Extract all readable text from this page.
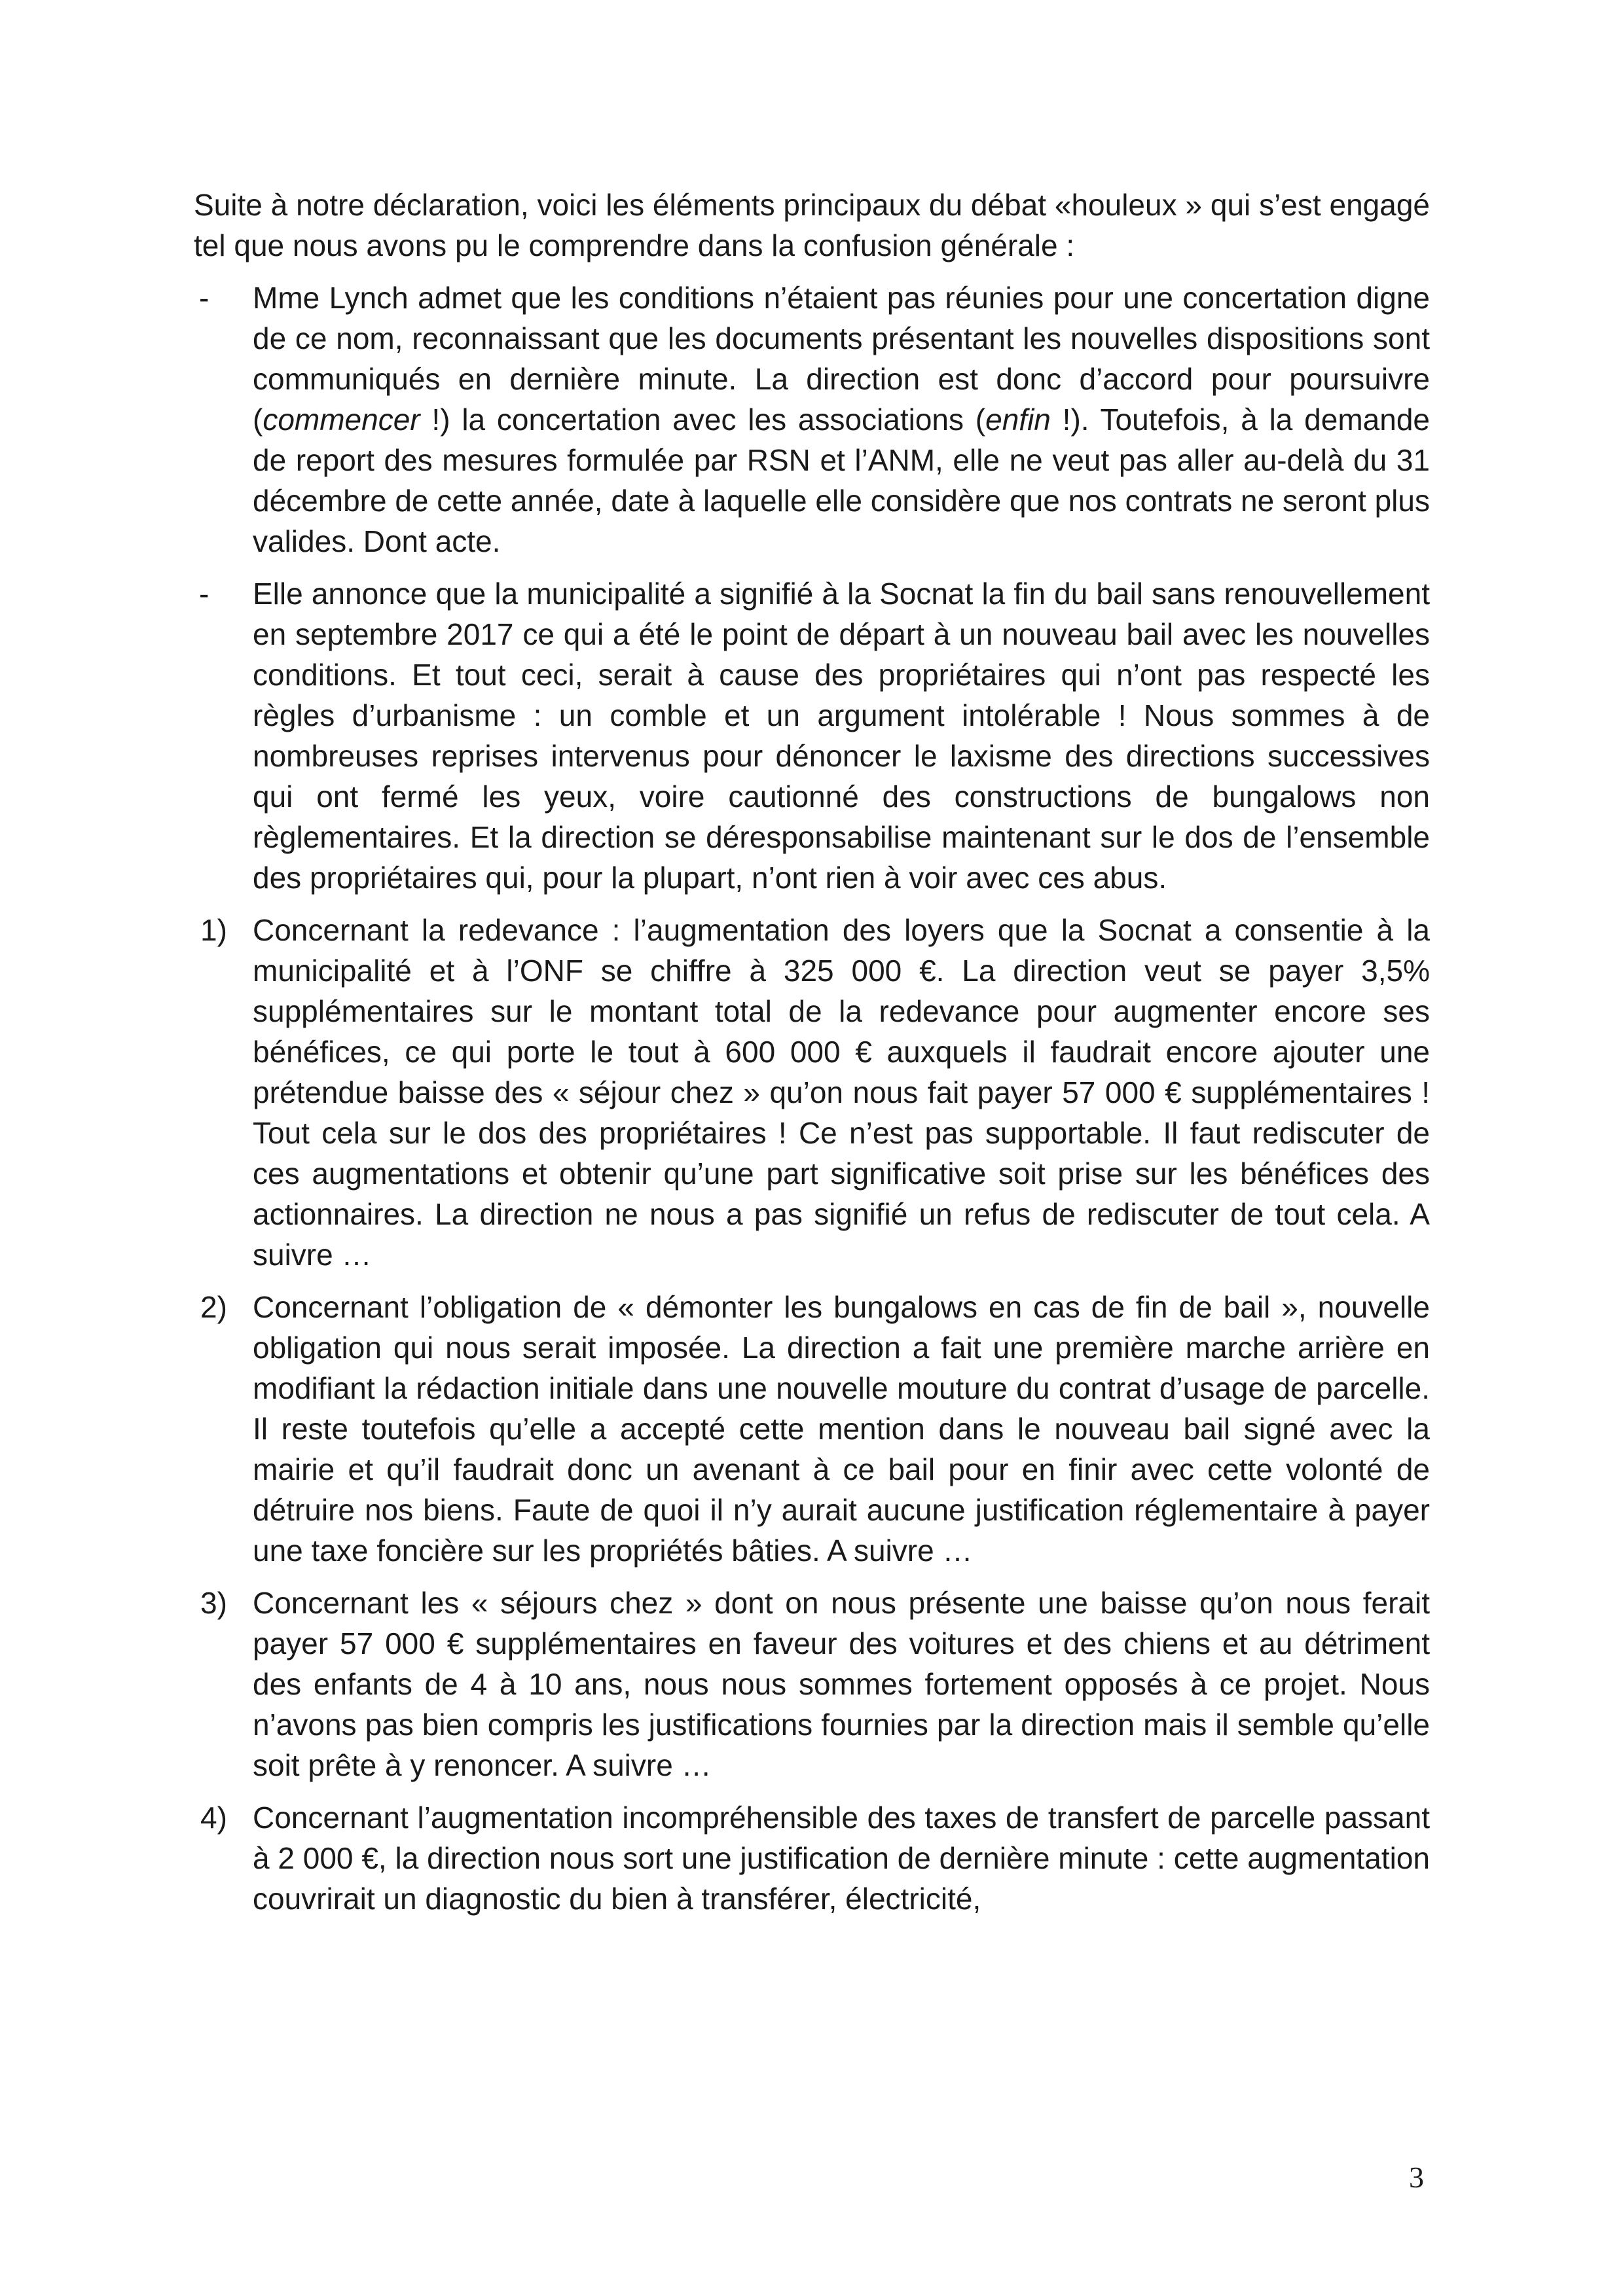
Suite à notre déclaration, voici les éléments principaux du débat «houleux » qui s’est engagé tel que nous avons pu le comprendre dans la confusion générale :

- Mme Lynch admet que les conditions n’étaient pas réunies pour une concertation digne de ce nom, reconnaissant que les documents présentant les nouvelles dispositions sont communiqués en dernière minute. La direction est donc d’accord pour poursuivre (commencer !) la concertation avec les associations (enfin !). Toutefois, à la demande de report des mesures formulée par RSN et l’ANM, elle ne veut pas aller au-delà du 31 décembre de cette année, date à laquelle elle considère que nos contrats ne seront plus valides. Dont acte.
- Elle annonce que la municipalité a signifié à la Socnat la fin du bail sans renouvellement en septembre 2017 ce qui a été le point de départ à un nouveau bail avec les nouvelles conditions. Et tout ceci, serait à cause des propriétaires qui n’ont pas respecté les règles d’urbanisme : un comble et un argument intolérable ! Nous sommes à de nombreuses reprises intervenus pour dénoncer le laxisme des directions successives qui ont fermé les yeux, voire cautionné des constructions de bungalows non règlementaires. Et la direction se déresponsabilise maintenant sur le dos de l’ensemble des propriétaires qui, pour la plupart, n’ont rien à voir avec ces abus.
1) Concernant la redevance : l’augmentation des loyers que la Socnat a consentie à la municipalité et à l’ONF se chiffre à 325 000 €. La direction veut se payer 3,5% supplémentaires sur le montant total de la redevance pour augmenter encore ses bénéfices, ce qui porte le tout à 600 000 € auxquels il faudrait encore ajouter une prétendue baisse des « séjour chez » qu’on nous fait payer 57 000 € supplémentaires ! Tout cela sur le dos des propriétaires ! Ce n’est pas supportable. Il faut rediscuter de ces augmentations et obtenir qu’une part significative soit prise sur les bénéfices des actionnaires. La direction ne nous a pas signifié un refus de rediscuter de tout cela. A suivre …
2) Concernant l’obligation de « démonter les bungalows en cas de fin de bail », nouvelle obligation qui nous serait imposée. La direction a fait une première marche arrière en modifiant la rédaction initiale dans une nouvelle mouture du contrat d’usage de parcelle. Il reste toutefois qu’elle a accepté cette mention dans le nouveau bail signé avec la mairie et qu’il faudrait donc un avenant à ce bail pour en finir avec cette volonté de détruire nos biens. Faute de quoi il n’y aurait aucune justification réglementaire à payer une taxe foncière sur les propriétés bâties. A suivre …
3) Concernant les « séjours chez » dont on nous présente une baisse qu’on nous ferait payer 57 000 € supplémentaires en faveur des voitures et des chiens et au détriment des enfants de 4 à 10 ans, nous nous sommes fortement opposés à ce projet. Nous n’avons pas bien compris les justifications fournies par la direction mais il semble qu’elle soit prête à y renoncer. A suivre …
4) Concernant l’augmentation incompréhensible des taxes de transfert de parcelle passant à 2 000 €, la direction nous sort une justification de dernière minute : cette augmentation couvrirait un diagnostic du bien à transférer, électricité,
3
